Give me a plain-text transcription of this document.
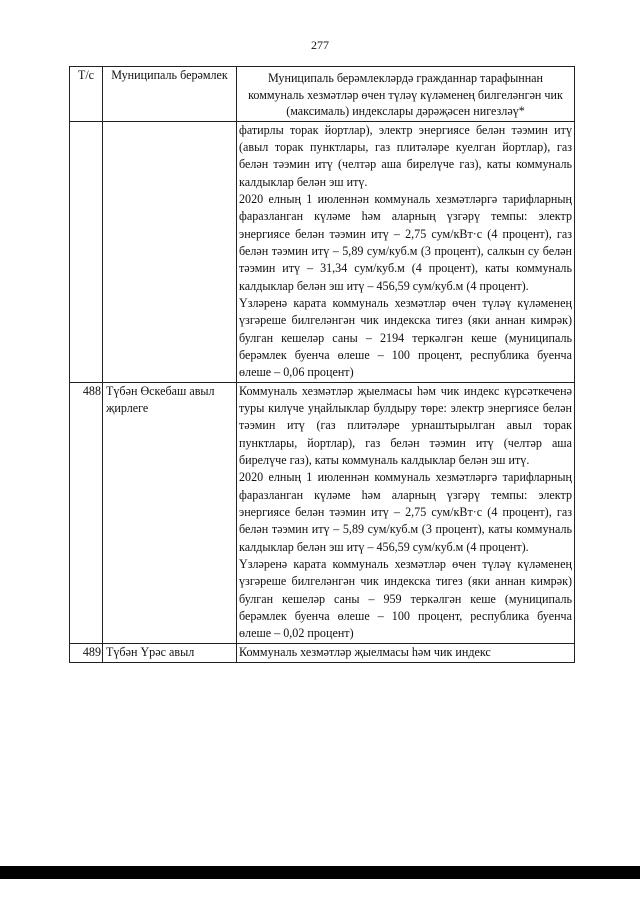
277
Т/с	Муниципаль берәмлек	Муниципаль берәмлекләрдә гражданнар тарафыннан коммуналь хезмәтләр өчен түләү күләменең билгеләнгән чик (максималь) индекслары дәрәҗәсен нигезләү*

		фатирлы торак йортлар), электр энергиясе белән тәэмин итү (авыл торак пунктлары, газ плитәләре куелган йортлар), газ белән тәэмин итү (челтәр аша бирелүче газ), каты коммуналь калдыклар белән эш итү.

2020 елның 1 июленнән коммуналь хезмәтләргә тарифларның фаразланган күләме һәм аларның үзгәрү темпы: электр энергиясе белән тәэмин итү – 2,75 сум/кВт·с (4 процент), газ белән тәэмин итү – 5,89 сум/куб.м (3 процент), салкын су белән тәэмин итү – 31,34 сум/куб.м (4 процент), каты коммуналь калдыклар белән эш итү – 456,59 сум/куб.м (4 процент).

Үзләренә карата коммуналь хезмәтләр өчен түләү күләменең үзгәреше билгеләнгән чик индекска тигез (яки аннан кимрәк) булган кешеләр саны – 2194 теркәлгән кеше (муниципаль берәмлек буенча өлеше – 100 процент, республика буенча өлеше – 0,06 процент)

488	Түбән Өскебаш авыл җирлеге	Коммуналь хезмәтләр җыелмасы һәм чик индекс күрсәткеченә туры килүче уңайлыклар булдыру төре: электр энергиясе белән тәэмин итү (газ плитәләре урнаштырылган авыл торак пунктлары, йортлар), газ белән тәэмин итү (челтәр аша бирелүче газ), каты коммуналь калдыклар белән эш итү.

2020 елның 1 июленнән коммуналь хезмәтләргә тарифларның фаразланган күләме һәм аларның үзгәрү темпы: электр энергиясе белән тәэмин итү – 2,75 сум/кВт·с (4 процент), газ белән тәэмин итү – 5,89 сум/куб.м (3 процент), каты коммуналь калдыклар белән эш итү – 456,59 сум/куб.м (4 процент).

Үзләренә карата коммуналь хезмәтләр өчен түләү күләменең үзгәреше билгеләнгән чик индекска тигез (яки аннан кимрәк) булган кешеләр саны – 959 теркәлгән кеше (муниципаль берәмлек буенча өлеше – 100 процент, республика буенча өлеше – 0,02 процент)

489	Түбән Үрәс авыл	Коммуналь хезмәтләр җыелмасы һәм чик индекс
